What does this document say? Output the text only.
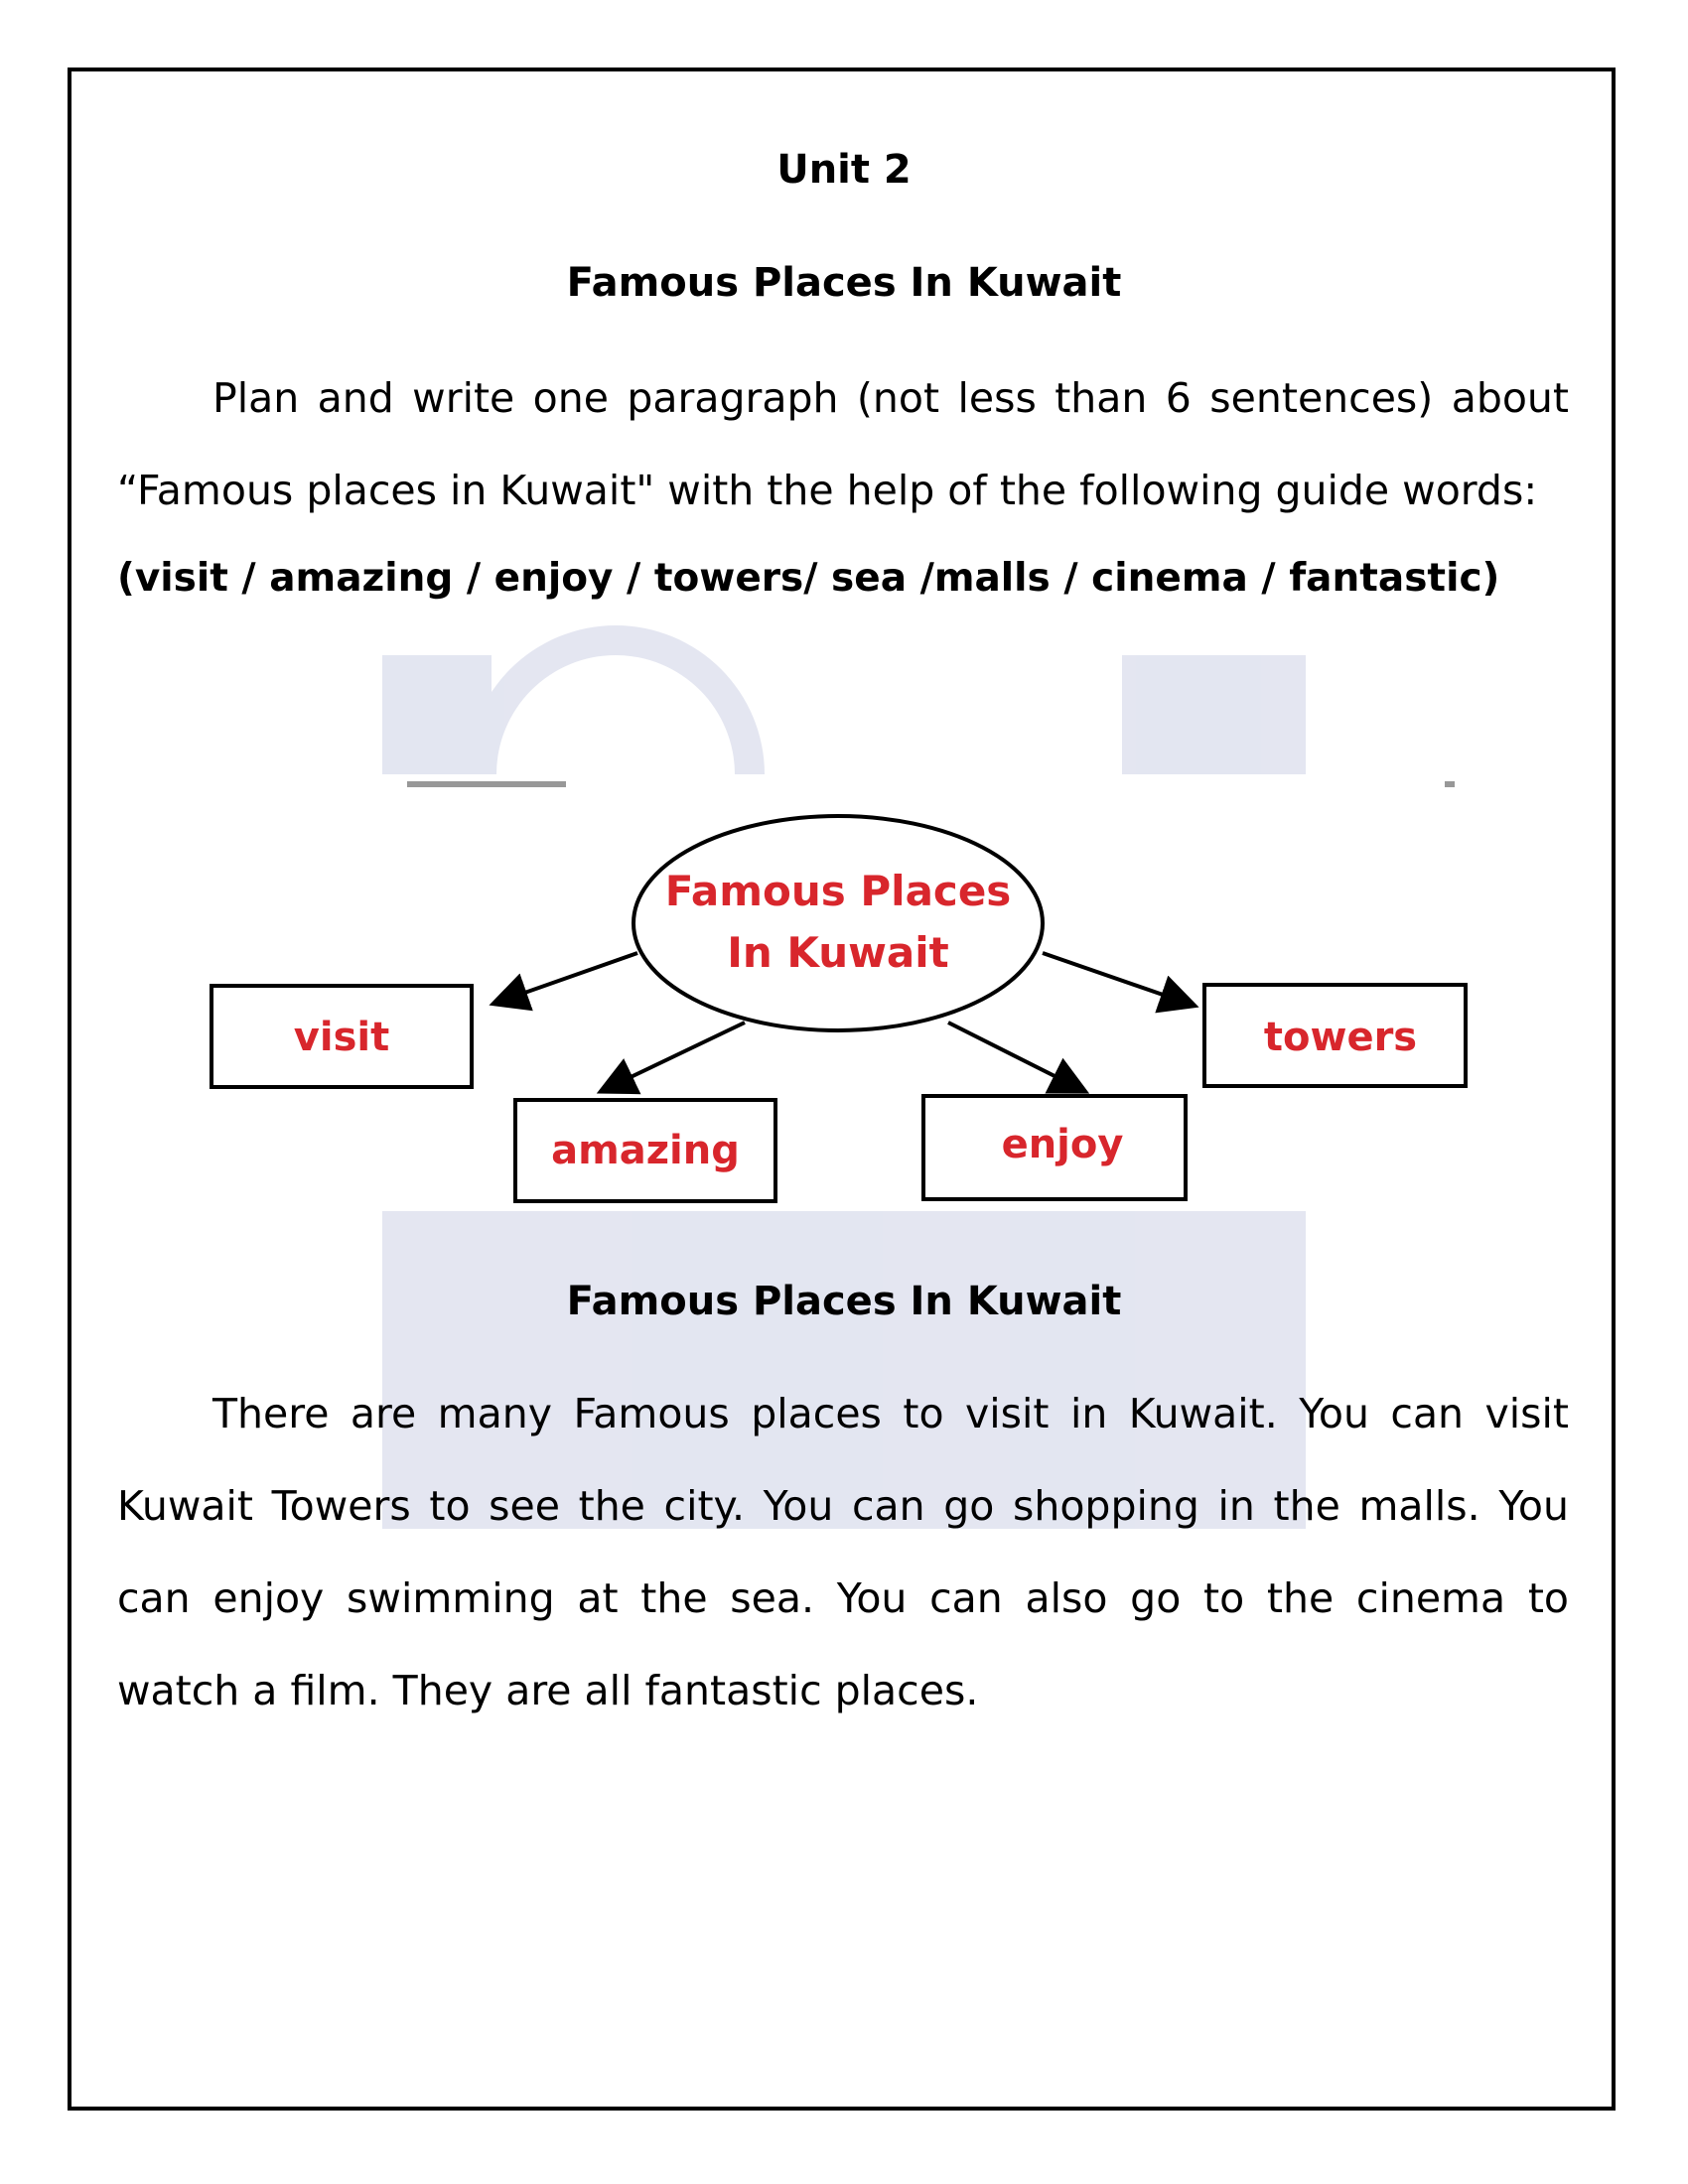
Unit 2
Famous Places In Kuwait

Plan and write one paragraph (not less than 6 sentences) about “Famous places in Kuwait" with the help of the following guide words:

(visit / amazing / enjoy / towers/ sea /malls / cinema / fantastic)
Famous Places
In Kuwait
visit
amazing	enjoy
towers
Famous Places In Kuwait

There are many Famous places to visit in Kuwait. You can visit Kuwait Towers to see the city. You can go shopping in the malls. You can enjoy swimming at the sea. You can also go to the cinema to watch a film. They are all fantastic places.
